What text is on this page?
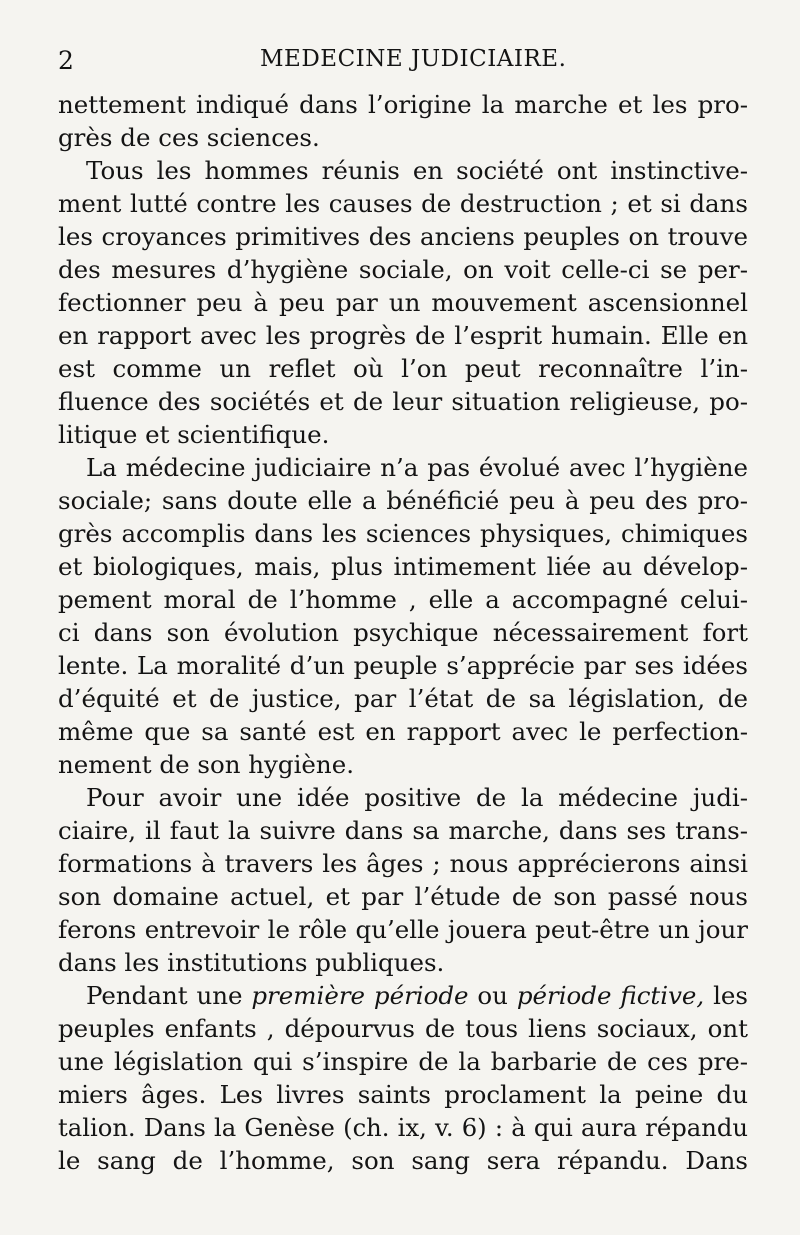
2	MEDECINE JUDICIAIRE.
nettement indiqué dans l’origine la marche et les pro-
grès de ces sciences.
Tous les hommes réunis en société ont instinctive-
ment lutté contre les causes de destruction ; et si dans
les croyances primitives des anciens peuples on trouve
des mesures d’hygiène sociale, on voit celle-ci se per-
fectionner peu à peu par un mouvement ascensionnel
en rapport avec les progrès de l’esprit humain. Elle en
est comme un reflet où l’on peut reconnaître l’in-
fluence des sociétés et de leur situation religieuse, po-
litique et scientifique.
La médecine judiciaire n’a pas évolué avec l’hygiène
sociale; sans doute elle a bénéficié peu à peu des pro-
grès accomplis dans les sciences physiques, chimiques
et biologiques, mais, plus intimement liée au dévelop-
pement moral de l’homme , elle a accompagné celui-
ci dans son évolution psychique nécessairement fort
lente. La moralité d’un peuple s’apprécie par ses idées
d’équité et de justice, par l’état de sa législation, de
même que sa santé est en rapport avec le perfection-
nement de son hygiène.
Pour avoir une idée positive de la médecine judi-
ciaire, il faut la suivre dans sa marche, dans ses trans-
formations à travers les âges ; nous apprécierons ainsi
son domaine actuel, et par l’étude de son passé nous
ferons entrevoir le rôle qu’elle jouera peut-être un jour
dans les institutions publiques.
Pendant une première période ou période fictive, les
peuples enfants , dépourvus de tous liens sociaux, ont
une législation qui s’inspire de la barbarie de ces pre-
miers âges. Les livres saints proclament la peine du
talion. Dans la Genèse (ch. ix, v. 6) : à qui aura répandu
le sang de l’homme, son sang sera répandu. Dans
